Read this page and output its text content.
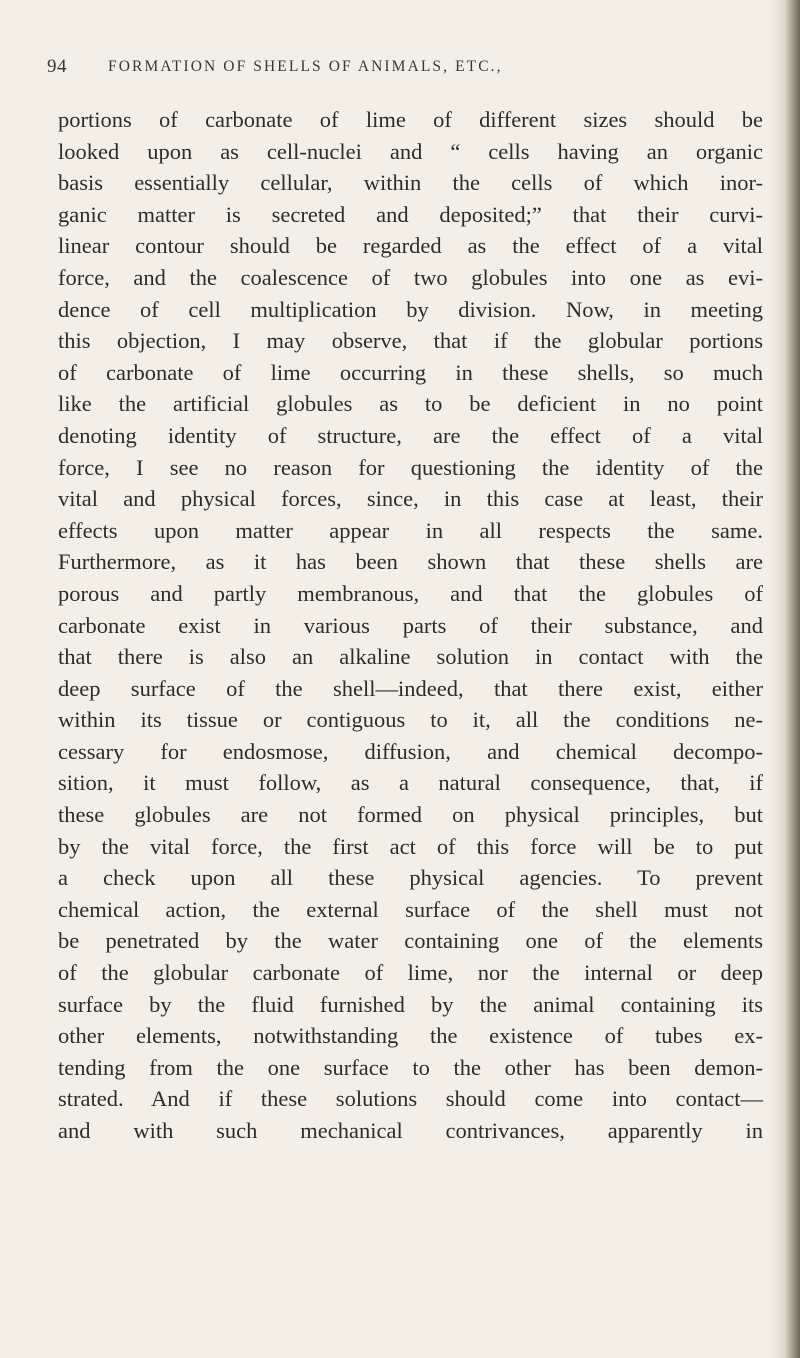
94	FORMATION OF SHELLS OF ANIMALS, ETC.,
portions of carbonate of lime of different sizes should be
looked upon as cell-nuclei and “ cells having an organic
basis essentially cellular, within the cells of which inor-
ganic matter is secreted and deposited;” that their curvi-
linear contour should be regarded as the effect of a vital
force, and the coalescence of two globules into one as evi-
dence of cell multiplication by division. Now, in meeting
this objection, I may observe, that if the globular portions
of carbonate of lime occurring in these shells, so much
like the artificial globules as to be deficient in no point
denoting identity of structure, are the effect of a vital
force, I see no reason for questioning the identity of the
vital and physical forces, since, in this case at least, their
effects upon matter appear in all respects the same.
Furthermore, as it has been shown that these shells are
porous and partly membranous, and that the globules of
carbonate exist in various parts of their substance, and
that there is also an alkaline solution in contact with the
deep surface of the shell—indeed, that there exist, either
within its tissue or contiguous to it, all the conditions ne-
cessary for endosmose, diffusion, and chemical decompo-
sition, it must follow, as a natural consequence, that, if
these globules are not formed on physical principles, but
by the vital force, the first act of this force will be to put
a check upon all these physical agencies. To prevent
chemical action, the external surface of the shell must not
be penetrated by the water containing one of the elements
of the globular carbonate of lime, nor the internal or deep
surface by the fluid furnished by the animal containing its
other elements, notwithstanding the existence of tubes ex-
tending from the one surface to the other has been demon-
strated. And if these solutions should come into contact—
and with such mechanical contrivances, apparently in
